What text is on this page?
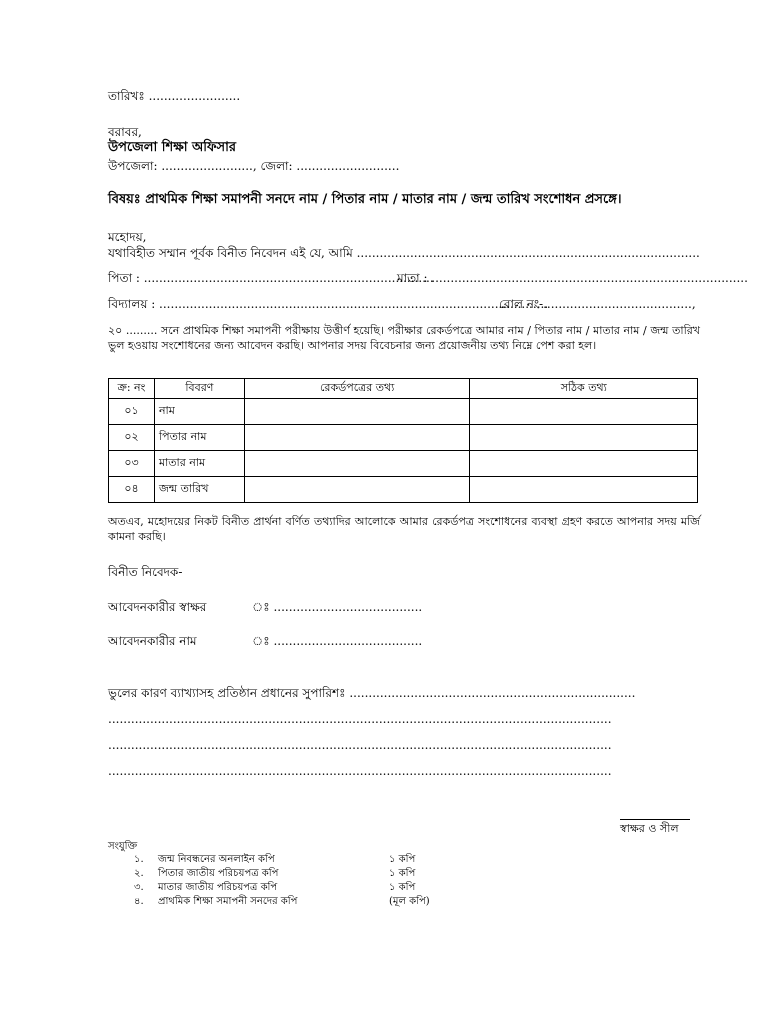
তারিখঃ ........................
বরাবর,
উপজেলা শিক্ষা অফিসার
উপজেলা: ........................, জেলা: ...........................
বিষয়ঃ প্রাথমিক শিক্ষা সমাপনী সনদে নাম / পিতার নাম / মাতার নাম / জন্ম তারিখ সংশোধন প্রসঙ্গে।
মহোদয়,
যথাবিহীত সম্মান পূর্বক বিনীত নিবেদন এই যে, আমি ..........................................................................................
পিতা : ............................................................................
মাতা : ...................................................................................
বিদ্যালয় : ......................................................................................................
রোল নং-.......................................,
২০ ......... সনে প্রাথমিক শিক্ষা সমাপনী পরীক্ষায় উত্তীর্ণ হয়েছি। পরীক্ষার রেকর্ডপত্রে আমার নাম / পিতার নাম / মাতার নাম / জন্ম তারিখ ভুল হওয়ায় সংশোধনের জন্য আবেদন করছি। আপনার সদয় বিবেচনার জন্য প্রয়োজনীয় তথ্য নিম্নে পেশ করা হল।
ক্র: নং	বিবরণ	রেকর্ডপত্রের তথ্য	সঠিক তথ্য
০১	নাম		
০২	পিতার নাম		
০৩	মাতার নাম		
০৪	জন্ম তারিখ		
অতএব, মহোদয়ের নিকট বিনীত প্রার্থনা বর্ণিত তথ্যাদির আলোকে আমার রেকর্ডপত্র সংশোধনের ব্যবস্থা গ্রহণ করতে আপনার সদয় মর্জি কামনা করছি।
বিনীত নিবেদক-
আবেদনকারীর স্বাক্ষর	ঃ .......................................
আবেদনকারীর নাম	ঃ .......................................
ভুলের কারণ ব্যাখ্যাসহ প্রতিষ্ঠান প্রধানের সুপারিশঃ ...........................................................................
....................................................................................................................................
....................................................................................................................................
....................................................................................................................................
স্বাক্ষর ও সীল
সংযুক্তি
১. জন্ম নিবন্ধনের অনলাইন কপি	১ কপি
২. পিতার জাতীয় পরিচয়পত্র কপি	১ কপি
৩. মাতার জাতীয় পরিচয়পত্র কপি	১ কপি
৪. প্রাথমিক শিক্ষা সমাপনী সনদের কপি	(মূল কপি)
